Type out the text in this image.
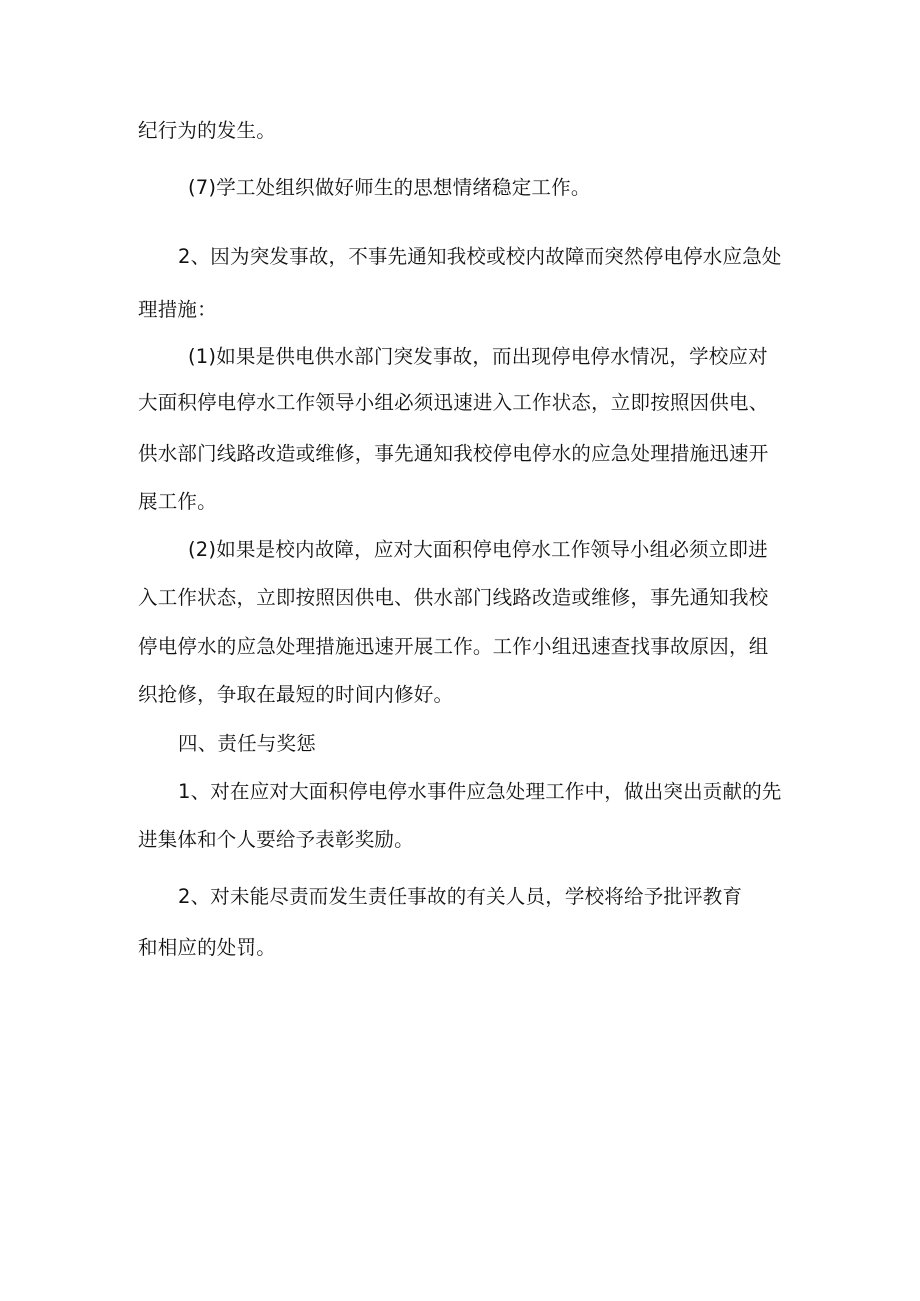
纪行为的发生。
(7)学工处组织做好师生的思想情绪稳定工作。
2、因为突发事故，不事先通知我校或校内故障而突然停电停水应急处
理措施：
(1)如果是供电供水部门突发事故，而出现停电停水情况，学校应对
大面积停电停水工作领导小组必须迅速进入工作状态，立即按照因供电、
供水部门线路改造或维修，事先通知我校停电停水的应急处理措施迅速开
展工作。
(2)如果是校内故障，应对大面积停电停水工作领导小组必须立即进
入工作状态，立即按照因供电、供水部门线路改造或维修，事先通知我校
停电停水的应急处理措施迅速开展工作。工作小组迅速查找事故原因，组
织抢修，争取在最短的时间内修好。
四、责任与奖惩
1、对在应对大面积停电停水事件应急处理工作中，做出突出贡献的先
进集体和个人要给予表彰奖励。
2、对未能尽责而发生责任事故的有关人员，学校将给予批评教育
和相应的处罚。
